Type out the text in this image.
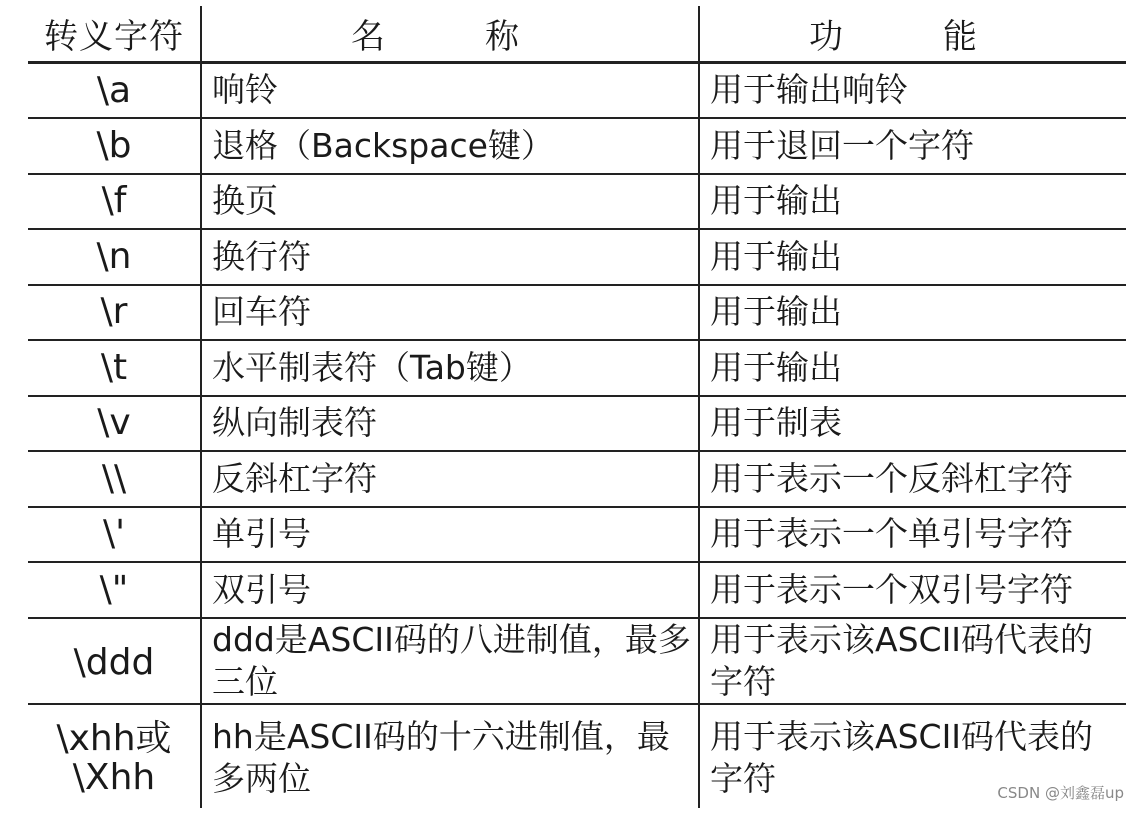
转义字符	名称	功能
\a	响铃	用于输出响铃
\b	退格（Backspace键）	用于退回一个字符
\f	换页	用于输出
\n	换行符	用于输出
\r	回车符	用于输出
\t	水平制表符（Tab键）	用于输出
\v	纵向制表符	用于制表
\\	反斜杠字符	用于表示一个反斜杠字符
\'	单引号	用于表示一个单引号字符
\"	双引号	用于表示一个双引号字符
\ddd	ddd是ASCII码的八进制值，最多三位	用于表示该ASCII码代表的字符
\xhh或\Xhh	hh是ASCII码的十六进制值，最多两位	用于表示该ASCII码代表的字符	CSDN @刘鑫磊up
